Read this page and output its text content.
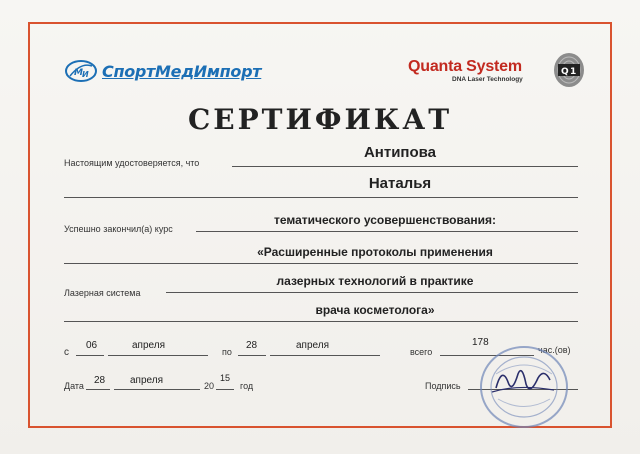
М И СпортМедИмпорт	Quanta System
DNA Laser Technology
Q 1
СЕРТИФИКАТ
Настоящим удостоверяется, что
Антипова
Наталья
Успешно закончил(а) курс
тематического усовершенствования:
«Расширенные протоколы применения
Лазерная система
лазерных технологий в практике
врача косметолога»
с
06	апреля
по
28	апреля
всего
178
час.(ов)
Дата 28 апреля	20
15
год	Подпись
